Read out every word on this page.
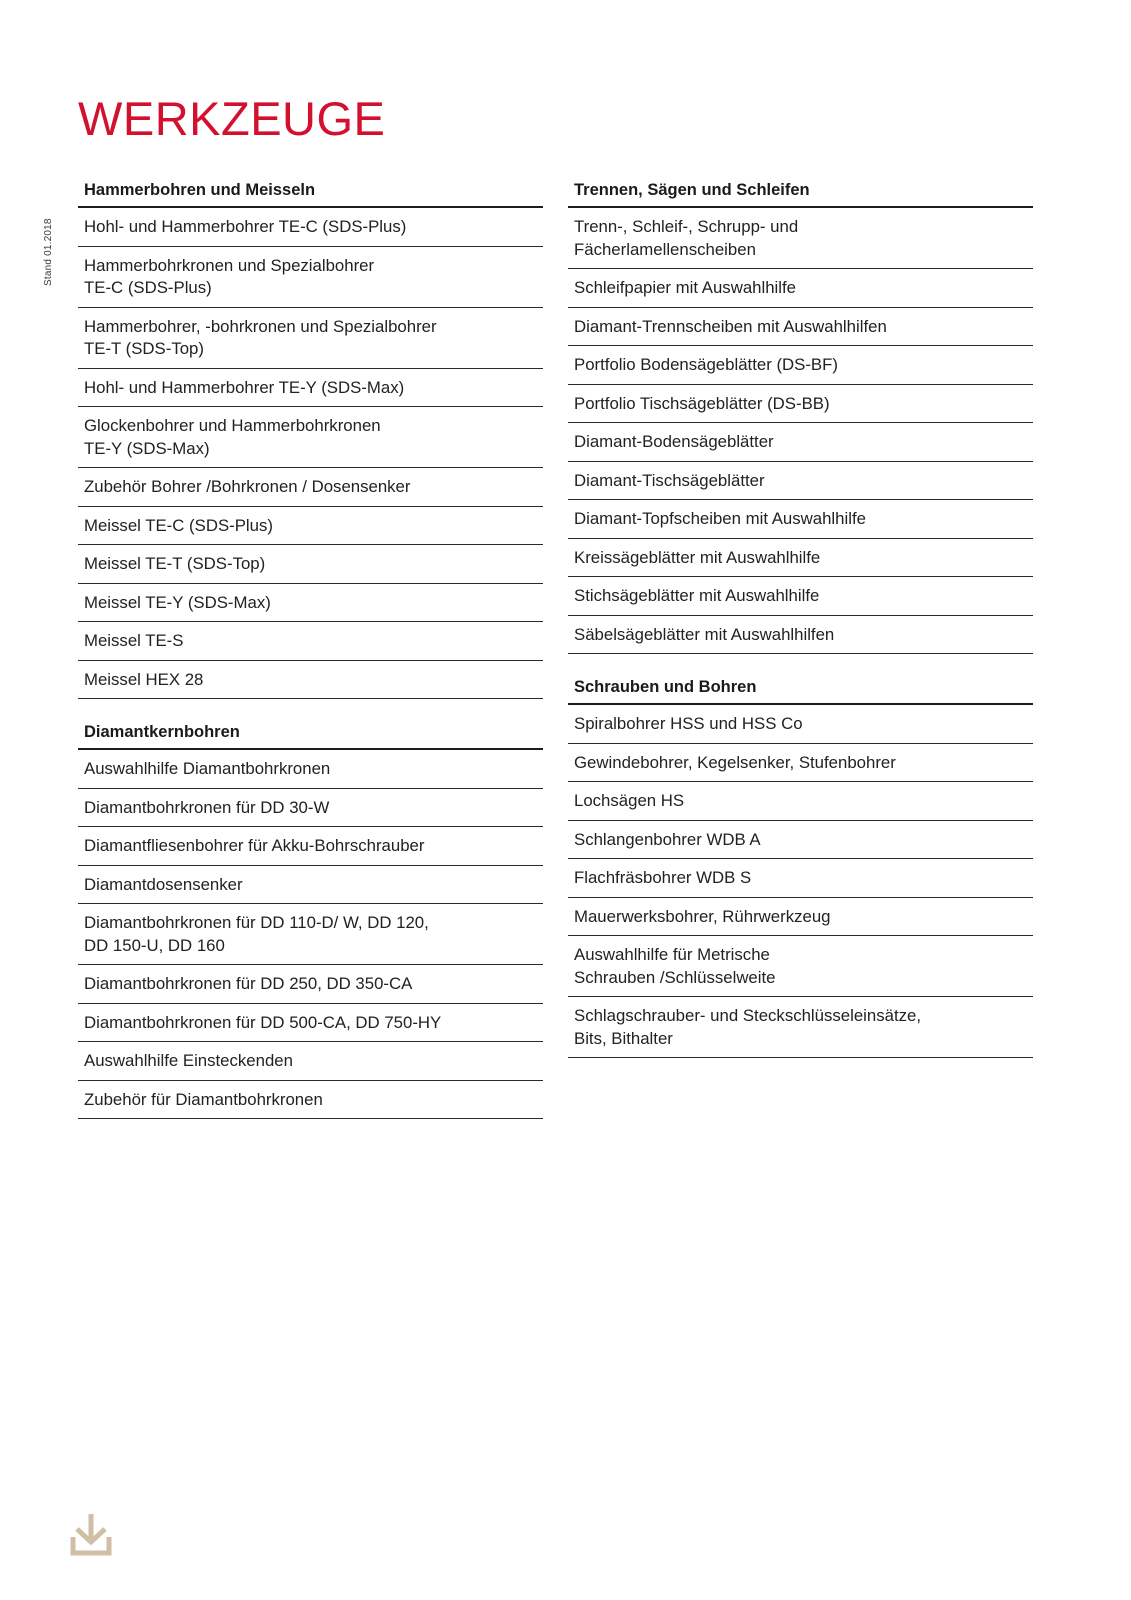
Stand 01.2018
WERKZEUGE
Hammerbohren und Meisseln
Hohl- und Hammerbohrer TE-C (SDS-Plus)
Hammerbohrkronen und Spezialbohrer
TE-C (SDS-Plus)
Hammerbohrer, -bohrkronen und Spezialbohrer
TE-T (SDS-Top)
Hohl- und Hammerbohrer TE-Y (SDS-Max)
Glockenbohrer und Hammerbohrkronen
TE-Y (SDS-Max)
Zubehör Bohrer /Bohrkronen / Dosensenker
Meissel TE-C (SDS-Plus)
Meissel TE-T (SDS-Top)
Meissel TE-Y (SDS-Max)
Meissel TE-S
Meissel HEX 28
Diamantkernbohren
Auswahlhilfe Diamantbohrkronen
Diamantbohrkronen für DD 30-W
Diamantfliesenbohrer für Akku-Bohrschrauber
Diamantdosensenker
Diamantbohrkronen für DD 110-D/ W, DD 120,
DD 150-U, DD 160
Diamantbohrkronen für DD 250, DD 350-CA
Diamantbohrkronen für DD 500-CA, DD 750-HY
Auswahlhilfe Einsteckenden
Zubehör für Diamantbohrkronen
Trennen, Sägen und Schleifen
Trenn-, Schleif-, Schrupp- und
Fächerlamellenscheiben
Schleifpapier mit Auswahlhilfe
Diamant-Trennscheiben mit Auswahlhilfen
Portfolio Bodensägeblätter (DS-BF)
Portfolio Tischsägeblätter (DS-BB)
Diamant-Bodensägeblätter
Diamant-Tischsägeblätter
Diamant-Topfscheiben mit Auswahlhilfe
Kreissägeblätter mit Auswahlhilfe
Stichsägeblätter mit Auswahlhilfe
Säbelsägeblätter mit Auswahlhilfen
Schrauben und Bohren
Spiralbohrer HSS und HSS Co
Gewindebohrer, Kegelsenker, Stufenbohrer
Lochsägen HS
Schlangenbohrer WDB A
Flachfräsbohrer WDB S
Mauerwerksbohrer, Rührwerkzeug
Auswahlhilfe für Metrische
Schrauben /Schlüsselweite
Schlagschrauber- und Steckschlüsseleinsätze,
Bits, Bithalter
